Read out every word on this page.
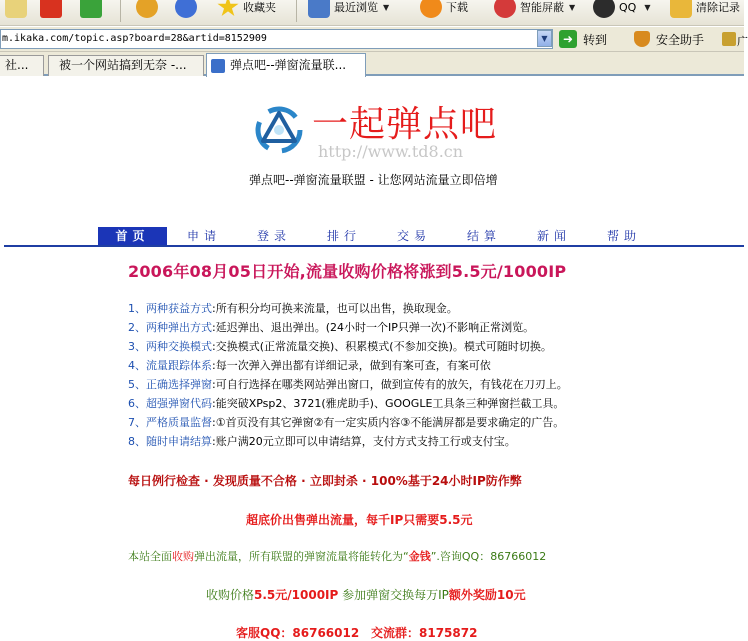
收藏夹	最近浏览 ▼	下载	智能屏蔽 ▼	QQ ▼	清除记录
m.ikaka.com/topic.asp?board=28&artid=8152909	▼	➜ 转到	安全助手	广
社...	被一个网站搞到无奈 -...	弹点吧--弹窗流量联...
一起弹点吧
http://www.td8.cn
弹点吧--弹窗流量联盟 - 让您网站流量立即倍增
首页	申请	登录	排行	交易	结算	新闻	帮助
2006年08月05日开始,流量收购价格将涨到5.5元/1000IP
1、两种获益方式:所有积分均可换来流量，也可以出售，换取现金。
2、两种弹出方式:延迟弹出、退出弹出。(24小时一个IP只弹一次)不影响正常浏览。
3、两种交换模式:交换模式(正常流量交换)、积累模式(不参加交换)。模式可随时切换。
4、流量跟踪体系:每一次弹入弹出都有详细记录，做到有案可查，有案可依
5、正确选择弹窗:可自行选择在哪类网站弹出窗口，做到宣传有的放矢，有钱花在刀刃上。
6、超强弹窗代码:能突破XPsp2、3721(雅虎助手)、GOOGLE工具条三种弹窗拦截工具。
7、严格质量监督:①首页没有其它弹窗②有一定实质内容③不能满屏都是要求确定的广告。
8、随时申请结算:账户满20元立即可以申请结算，支付方式支持工行或支付宝。
每日例行检查 · 发现质量不合格 · 立即封杀 · 100%基于24小时IP防作弊
超底价出售弹出流量，每千IP只需要5.5元
本站全面收购弹出流量，所有联盟的弹窗流量将能转化为“金钱”.咨询QQ：86766012
收购价格5.5元/1000IP 参加弹窗交换每万IP额外奖励10元
客服QQ：86766012 交流群：8175872
